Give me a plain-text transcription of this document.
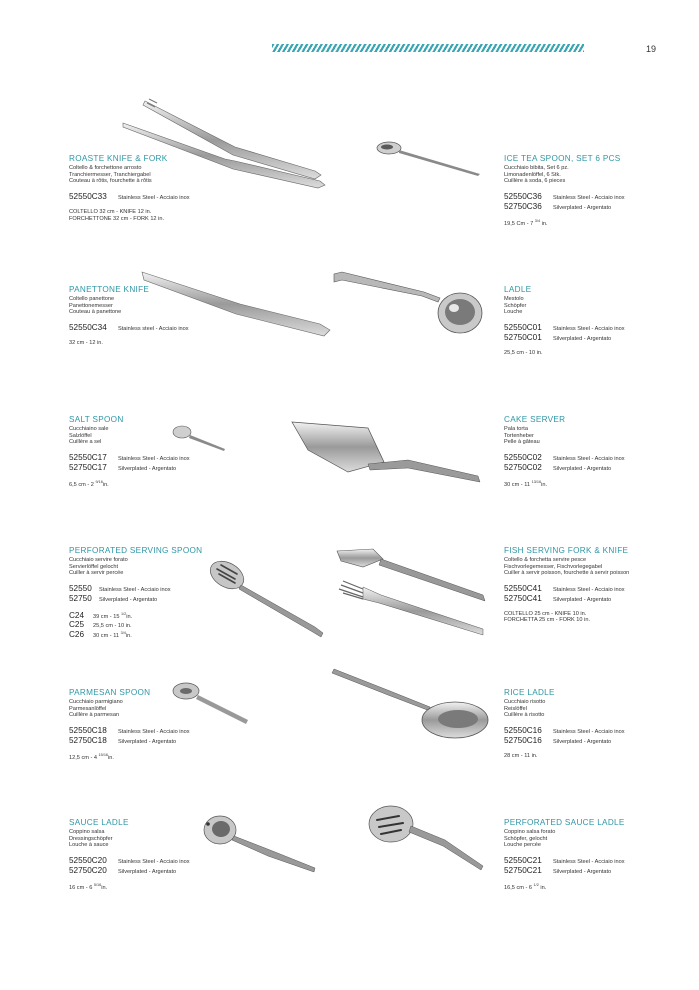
19
ROASTE KNIFE & FORK
Coltello & forchettone arrosto
Tranchiermesser, Tranchiergabel
Couteau à rôtis, fourchette à rôtis
52550C33	Stainless Steel - Acciaio inox
COLTELLO 32 cm - KNIFE 12 in.
FORCHETTONE 32 cm - FORK 12 in.
ICE TEA SPOON, SET 6 PCS
Cucchiaio bibita, Set 6 pz.
Limonadenlöffel, 6 Stk.
Cuillère à soda, 6 pieces
52550C36	Stainless Steel - Acciaio inox
52750C36	Silverplated - Argentato
19,5 Cm - 7 $^{3/4}$ in.
PANETTONE KNIFE
Coltello panettone
Panettonemesser
Couteau à panettone
52550C34	Stainless steel - Acciaio inox
32 cm - 12 in.
LADLE
Mestolo
Schöpfer
Louche
52550C01	Stainless Steel - Acciaio inox
52750C01	Silverplated - Argentato
25,5 cm - 10 in.
SALT SPOON
Cucchiaino sale
Salzlöffel
Cuillère a sel
52550C17	Stainless Steel - Acciaio inox
52750C17	Silverplated - Argentato
6,5 cm - 2 $^{9/16}$in.
CAKE SERVER
Pala torta
Tortenheber
Pelle à gâteau
52550C02	Stainless Steel - Acciaio inox
52750C02	Silverplated - Argentato
30 cm - 11 $^{13/16}$in.
PERFORATED SERVING SPOON
Cucchiaio servire forato
Servierlöffel gelocht
Cuiller à servir percée
52550	Stainless Steel - Acciaio inox
52750	Silverplated - Argentato
C24	39 cm - 15 $^{1/2}$in.
C25	25,5 cm - 10 in.
C26	30 cm - 11 $^{3/4}$in.
FISH SERVING FORK & KNIFE
Coltello & forchetta servire pesce
Fischvorlegemesser, Fischvorlegegabel
Cuiller à servir poisson, fourchette à servir poisson
52550C41	Stainless Steel - Acciaio inox
52750C41	Silverplated - Argentato
COLTELLO 25 cm - KNIFE 10 in.
FORCHETTA 25 cm - FORK 10 in.
PARMESAN SPOON
Cucchiaio parmigiano
Parmesanlöffel
Cuillère à parmesan
52550C18	Stainless Steel - Acciaio inox
52750C18	Silverplated - Argentato
12,5 cm - 4 $^{15/16}$in.
RICE LADLE
Cucchiaio risotto
Reislöffel
Cuillère à risotto
52550C16	Stainless Steel - Acciaio inox
52750C16	Silverplated - Argentato
28 cm - 11 in.
SAUCE LADLE
Coppino salsa
Dressingschöpfer
Louche à sauce
52550C20	Stainless Steel - Acciaio inox
52750C20	Silverplated - Argentato
16 cm - 6 $^{5/16}$in.
PERFORATED SAUCE LADLE
Coppino salsa forato
Schöpfer, gelocht
Louche percée
52550C21	Stainless Steel - Acciaio inox
52750C21	Silverplated - Argentato
16,5 cm - 6 $^{1/2}$ in.
